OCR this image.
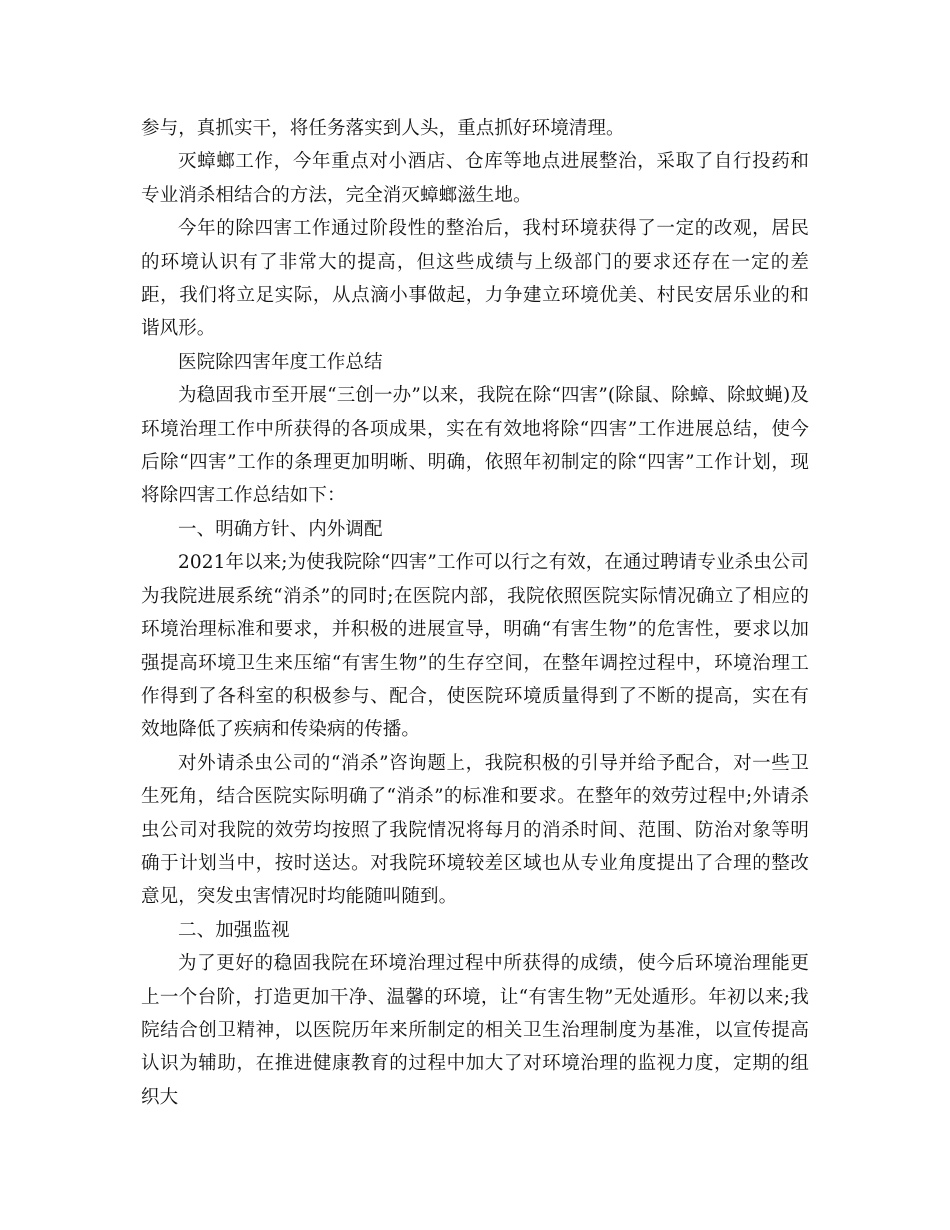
参与，真抓实干，将任务落实到人头，重点抓好环境清理。

灭蟑螂工作，今年重点对小酒店、仓库等地点进展整治，采取了自行投药和专业消杀相结合的方法，完全消灭蟑螂滋生地。

今年的除四害工作通过阶段性的整治后，我村环境获得了一定的改观，居民的环境认识有了非常大的提高，但这些成绩与上级部门的要求还存在一定的差距，我们将立足实际，从点滴小事做起，力争建立环境优美、村民安居乐业的和谐风形。

医院除四害年度工作总结

为稳固我市至开展“三创一办”以来，我院在除“四害”(除鼠、除蟑、除蚊蝇)及环境治理工作中所获得的各项成果，实在有效地将除“四害”工作进展总结，使今后除“四害”工作的条理更加明晰、明确，依照年初制定的除“四害”工作计划，现将除四害工作总结如下：

一、明确方针、内外调配

2021年以来;为使我院除“四害”工作可以行之有效，在通过聘请专业杀虫公司为我院进展系统“消杀”的同时;在医院内部，我院依照医院实际情况确立了相应的环境治理标准和要求，并积极的进展宣导，明确“有害生物”的危害性，要求以加强提高环境卫生来压缩“有害生物”的生存空间，在整年调控过程中，环境治理工作得到了各科室的积极参与、配合，使医院环境质量得到了不断的提高，实在有效地降低了疾病和传染病的传播。

对外请杀虫公司的“消杀”咨询题上，我院积极的引导并给予配合，对一些卫生死角，结合医院实际明确了“消杀”的标准和要求。在整年的效劳过程中;外请杀虫公司对我院的效劳均按照了我院情况将每月的消杀时间、范围、防治对象等明确于计划当中，按时送达。对我院环境较差区域也从专业角度提出了合理的整改意见，突发虫害情况时均能随叫随到。

二、加强监视

为了更好的稳固我院在环境治理过程中所获得的成绩，使今后环境治理能更上一个台阶，打造更加干净、温馨的环境，让“有害生物”无处遁形。年初以来;我院结合创卫精神，以医院历年来所制定的相关卫生治理制度为基准，以宣传提高认识为辅助，在推进健康教育的过程中加大了对环境治理的监视力度，定期的组织大
